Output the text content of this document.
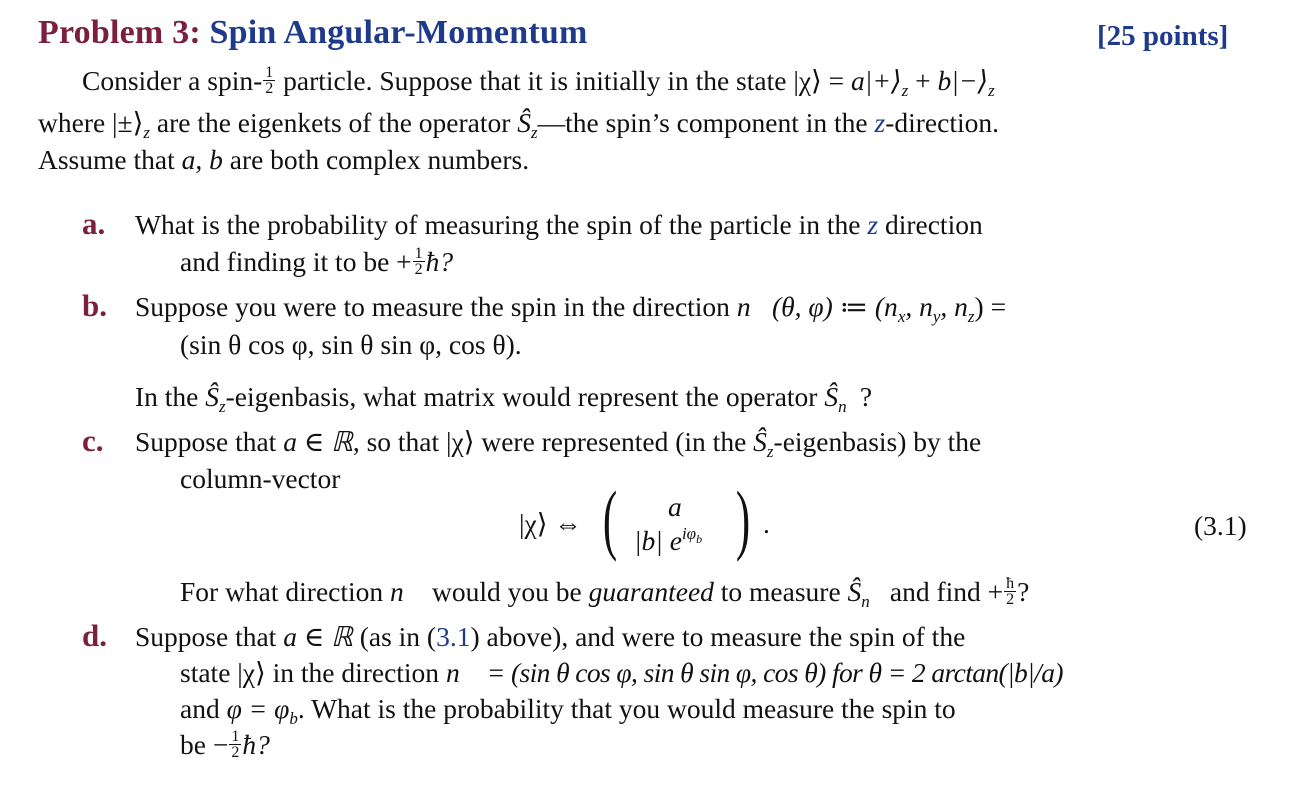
Problem 3: Spin Angular-Momentum	[25 points]
Consider a spin- $\frac{1}{2}$ particle. Suppose that it is initially in the state |χ⟩ = $a|+⟩_z$ + $b|-⟩_z$
where $|\pm⟩_z$ are the eigenkets of the operator $Ŝ_z—the$ spin’s component in the z-direction.
Assume that a, b are both complex numbers.
a. What is the probability of measuring the spin of the particle in the z direction
and finding it to be + $\frac{1}{2}$ ħ?
b. Suppose you were to measure the spin in the direction n⃗(θ, φ) ≔ ($n_x$, $n_y$, $n_z$) =
(sin θ cos φ, sin θ sin φ, cos θ).
In the $Ŝ_z$-eigenbasis, what matrix would represent the operator $Ŝ_{n⃗}$?
c. Suppose that a ∈ ℝ, so that |χ⟩ were represented (in the $Ŝ_z-eigenbasis$) by the
column-vector
|χ⟩ ⇔ ( a
|b| $e^{i\varphi b}$ ) .	(3.1)
For what direction n⃗ would you be guaranteed to measure $Ŝ_{n⃗}$ and find + $\frac{ħ}{2}$ ?
d. Suppose that a ∈ ℝ (as in (3.1) above), and were to measure the spin of the
state |χ⟩ in the direction n⃗ = (sin θ cos φ, sin θ sin φ, cos θ) for θ = 2 arctan(|b|/a)
and $\varphi = \varphi_b$. What is the probability that you would measure the spin to
be − $\frac{1}{2}$ ħ?
